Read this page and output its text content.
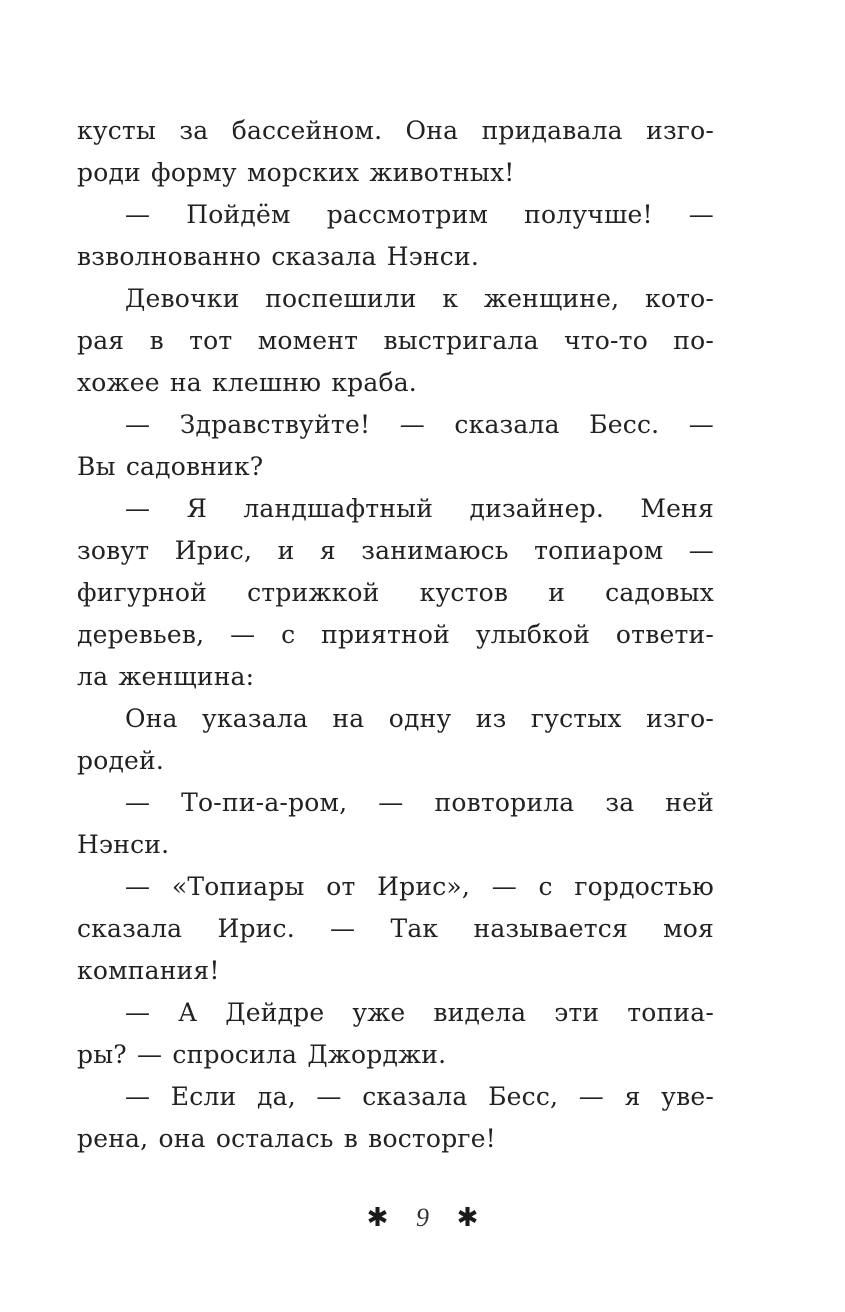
кусты за бассейном. Она придавала изго-
роди форму морских животных!
— Пойдём рассмотрим получше! —
взволнованно сказала Нэнси.
Девочки поспешили к женщине, кото-
рая в тот момент выстригала что-то по-
хожее на клешню краба.
— Здравствуйте! — сказала Бесс. —
Вы садовник?
— Я ландшафтный дизайнер. Меня
зовут Ирис, и я занимаюсь топиаром —
фигурной стрижкой кустов и садовых
деревьев, — с приятной улыбкой ответи-
ла женщина:
Она указала на одну из густых изго-
родей.
— То-пи-а-ром, — повторила за ней
Нэнси.
— «Топиары от Ирис», — с гордостью
сказала Ирис. — Так называется моя
компания!
— А Дейдре уже видела эти топиа-
ры? — спросила Джорджи.
— Если да, — сказала Бесс, — я уве-
рена, она осталась в восторге!
✱	9	✱
